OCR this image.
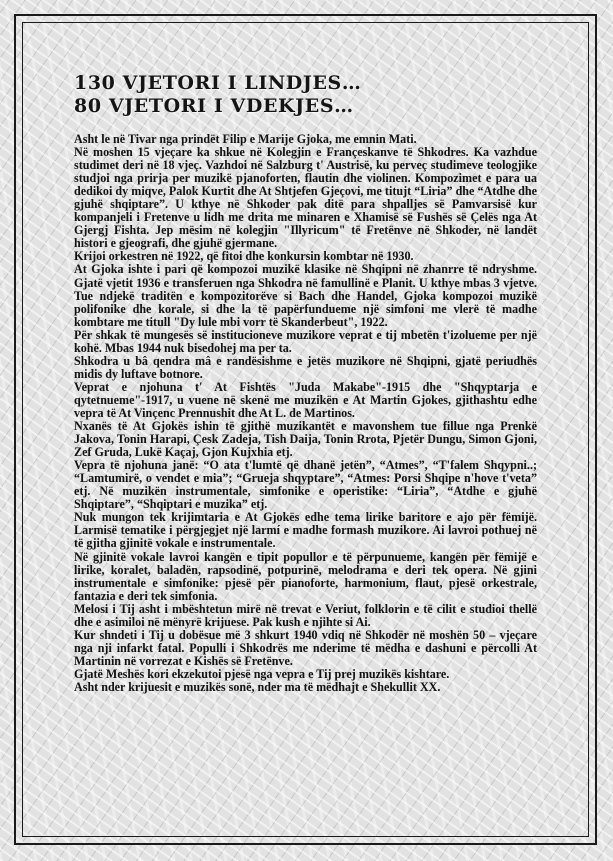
130 VJETORI I LINDJES…
80 VJETORI I VDEKJES…

Asht le në Tivar nga prindët Filip e Marije Gjoka, me emnin Mati.

Në moshen 15 vjeçare ka shkue në Kolegjin e Françeskanve të Shkodres. Ka vazhdue studimet deri në 18 vjeç. Vazhdoi në Salzburg t' Austrisë, ku perveç studimeve teologjike studjoi nga prirja per muzikë pjanoforten, flautin dhe violinen. Kompozimet e para ua dedikoi dy miqve, Palok Kurtit dhe At Shtjefen Gjeçovi, me titujt “Liria” dhe “Atdhe dhe gjuhë shqiptare”. U kthye në Shkoder pak ditë para shpalljes së Pamvarsisë kur kompanjeli i Fretenve u lidh me drita me minaren e Xhamisë së Fushës së Çelës nga At Gjergj Fishta. Jep mësim në kolegjin "Illyricum" të Fretënve në Shkoder, në landët histori e gjeografi, dhe gjuhë gjermane.

Krijoi orkestren në 1922, që fitoi dhe konkursin kombtar në 1930.

At Gjoka ishte i pari që kompozoi muzikë klasike në Shqipni në zhanrre të ndryshme. Gjatë vjetit 1936 e transferuen nga Shkodra në famullinë e Planit. U kthye mbas 3 vjetve. Tue ndjekë traditën e kompozitorëve si Bach dhe Handel, Gjoka kompozoi muzikë polifonike dhe korale, si dhe la të papërfundueme një simfoni me vlerë të madhe kombtare me titull "Dy lule mbi vorr të Skanderbeut", 1922.

Për shkak të mungesës së institucioneve muzikore veprat e tij mbetën t'izolueme per një kohë. Mbas 1944 nuk bisedohej ma per ta.

Shkodra u bâ qendra mâ e randësishme e jetës muzikore në Shqipni, gjatë periudhës midis dy luftave botnore.

Veprat e njohuna t' At Fishtës "Juda Makabe"-1915 dhe "Shqyptarja e qytetnueme"-1917, u vuene në skenë me muzikën e At Martin Gjokes, gjithashtu edhe vepra të At Vinçenc Prennushit dhe At L. de Martinos.

Nxanës të At Gjokës ishin të gjithë muzikantët e mavonshem tue fillue nga Prenkë Jakova, Tonin Harapi, Çesk Zadeja, Tish Daija, Tonin Rrota, Pjetër Dungu, Simon Gjoni, Zef Gruda, Lukë Kaçaj, Gjon Kujxhia etj.

Vepra të njohuna janë: “O ata t'lumtë që dhanë jetën”, “Atmes”, “T'falem Shqypni..; “Lamtumirë, o vendet e mia”; “Grueja shqyptare”, “Atmes: Porsi Shqipe n'hove t'veta” etj. Në muzikën instrumentale, simfonike e operistike: “Liria”, “Atdhe e gjuhë Shqiptare”, “Shqiptari e muzika” etj.

Nuk mungon tek krijimtaria e At Gjokës edhe tema lirike baritore e ajo për fëmijë. Larmisë tematike i përgjegjet një larmí e madhe formash muzikore. Ai lavroi pothuej në të gjitha gjinitë vokale e instrumentale.

Në gjinitë vokale lavroi kangën e tipit popullor e të përpunueme, kangën për fëmijë e lirike, koralet, baladën, rapsodinë, potpurinë, melodrama e deri tek opera. Në gjini instrumentale e simfonike: pjesë për pianoforte, harmonium, flaut, pjesë orkestrale, fantazia e deri tek simfonia.

Melosi i Tij asht i mbështetun mirë në trevat e Veriut, folklorin e të cilit e studioi thellë dhe e asimiloi në mënyrë krijuese. Pak kush e njihte si Ai.

Kur shndeti i Tij u dobësue më 3 shkurt 1940 vdiq në Shkodër në moshën 50 – vjeçare nga nji infarkt fatal. Populli i Shkodrës me nderime të mëdha e dashuni e përcolli At Martinin në vorrezat e Kishës së Fretënve.

Gjatë Meshës kori ekzekutoi pjesë nga vepra e Tij prej muzikës kishtare.

Asht nder krijuesit e muzikës sonë, nder ma të mëdhajt e Shekullit XX.
